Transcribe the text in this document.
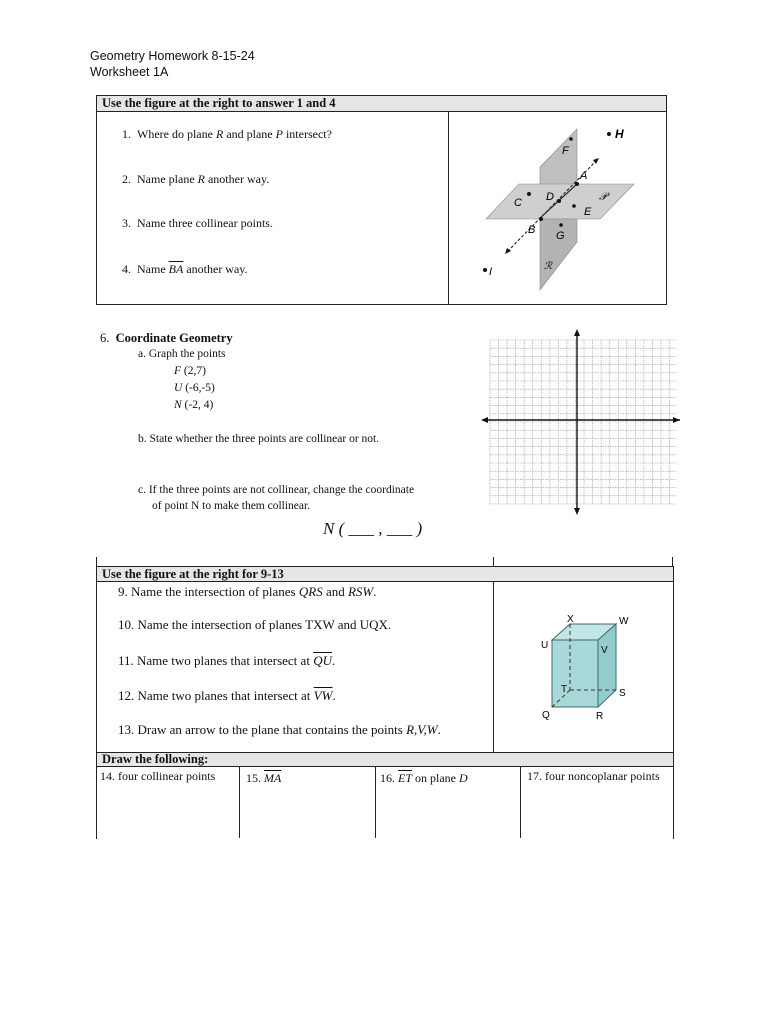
Geometry Homework 8-15-24
Worksheet 1A
Use the figure at the right to answer 1 and 4
1. Where do plane R and plane P intersect?
2. Name plane R another way.
3. Name three collinear points.
4. Name $\overline{BA}$ another way.
F
H
A
D
C	𝒫
E
B G
ℛ
I
6. Coordinate Geometry
a. Graph the points
F (2,7)
U (-6,-5)
N (-2, 4)
b. State whether the three points are collinear or not.
c. If the three points are not collinear, change the coordinate
of point N to make them collinear.
N ( ___ , ___ )
Use the figure at the right for 9-13
9. Name the intersection of planes QRS and RSW.
10. Name the intersection of planes TXW and UQX.
11. Name two planes that intersect at $\overline{QU}$.
12. Name two planes that intersect at $\overline{VW}$.
13. Draw an arrow to the plane that contains the points R,V,W.
X	W
U	V
T	S
Q	R
Draw the following:
14. four collinear points	15. $\overline{MA}$	16. $\overline{ET}$ on plane D	17. four noncoplanar points
